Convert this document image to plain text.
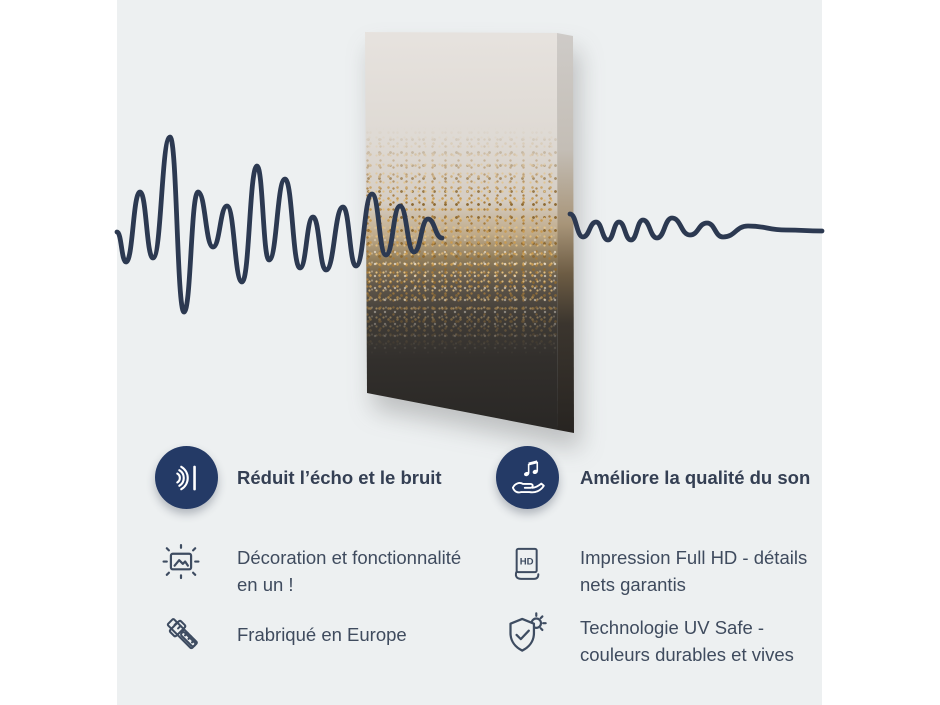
Réduit l’écho et le bruit	Améliore la qualité du son
Décoration et fonctionnalité
en un !
HD	Impression Full HD - détails
nets garantis
Frabriqué en Europe	Technologie UV Safe -
couleurs durables et vives
